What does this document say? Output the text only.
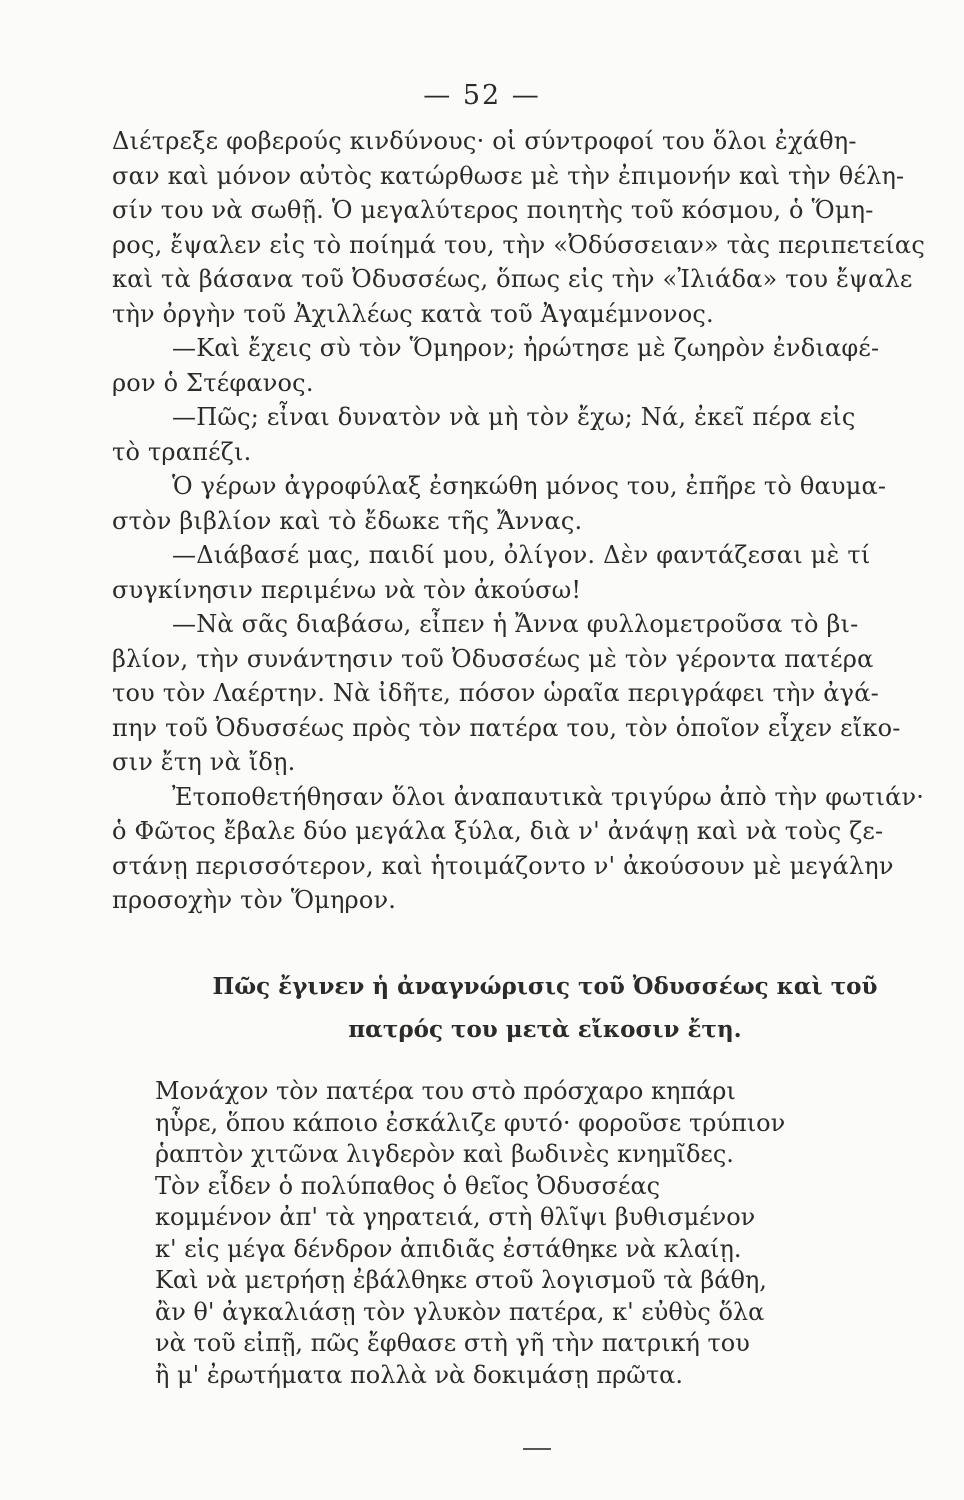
— 52 —
Διέτρεξε φοβερούς κινδύνους· οἱ σύντροφοί του ὅλοι ἐχάθη-
σαν καὶ μόνον αὐτὸς κατώρθωσε μὲ τὴν ἐπιμονήν καὶ τὴν θέλη-
σίν του νὰ σωθῇ. Ὁ μεγαλύτερος ποιητὴς τοῦ κόσμου, ὁ Ὅμη-
ρος, ἔψαλεν εἰς τὸ ποίημά του, τὴν «Ὀδύσσειαν» τὰς περιπετείας
καὶ τὰ βάσανα τοῦ Ὀδυσσέως, ὅπως εἰς τὴν «Ἰλιάδα» του ἔψαλε
τὴν ὀργὴν τοῦ Ἀχιλλέως κατὰ τοῦ Ἀγαμέμνονος.
—Καὶ ἔχεις σὺ τὸν Ὅμηρον; ἠρώτησε μὲ ζωηρὸν ἐνδιαφέ-
ρον ὁ Στέφανος.
—Πῶς; εἶναι δυνατὸν νὰ μὴ τὸν ἔχω; Νά, ἐκεῖ πέρα εἰς
τὸ τραπέζι.
Ὁ γέρων ἀγροφύλαξ ἐσηκώθη μόνος του, ἐπῆρε τὸ θαυμα-
στὸν βιβλίον καὶ τὸ ἔδωκε τῆς Ἄννας.
—Διάβασέ μας, παιδί μου, ὀλίγον. Δὲν φαντάζεσαι μὲ τί
συγκίνησιν περιμένω νὰ τὸν ἀκούσω!
—Νὰ σᾶς διαβάσω, εἶπεν ἡ Ἄννα φυλλομετροῦσα τὸ βι-
βλίον, τὴν συνάντησιν τοῦ Ὀδυσσέως μὲ τὸν γέροντα πατέρα
του τὸν Λαέρτην. Νὰ ἰδῆτε, πόσον ὡραῖα περιγράφει τὴν ἀγά-
πην τοῦ Ὀδυσσέως πρὸς τὸν πατέρα του, τὸν ὁποῖον εἶχεν εἴκο-
σιν ἔτη νὰ ἴδῃ.
Ἐτοποθετήθησαν ὅλοι ἀναπαυτικὰ τριγύρω ἀπὸ τὴν φωτιάν·
ὁ Φῶτος ἔβαλε δύο μεγάλα ξύλα, διὰ ν' ἀνάψῃ καὶ νὰ τοὺς ζε-
στάνῃ περισσότερον, καὶ ἡτοιμάζοντο ν' ἀκούσουν μὲ μεγάλην
προσοχὴν τὸν Ὅμηρον.
Πῶς ἔγινεν ἡ ἀναγνώρισις τοῦ Ὀδυσσέως καὶ τοῦ
πατρός του μετὰ εἴκοσιν ἔτη.
Μονάχον τὸν πατέρα του στὸ πρόσχαρο κηπάρι
ηὗρε, ὅπου κάποιο ἐσκάλιζε φυτό· φοροῦσε τρύπιον
ῥαπτὸν χιτῶνα λιγδερὸν καὶ βωδινὲς κνημῖδες.
Τὸν εἶδεν ὁ πολύπαθος ὁ θεῖος Ὀδυσσέας
κομμένον ἀπ' τὰ γηρατειά, στὴ θλῖψι βυθισμένον
κ' εἰς μέγα δένδρον ἀπιδιᾶς ἐστάθηκε νὰ κλαίῃ.
Καὶ νὰ μετρήσῃ ἐβάλθηκε στοῦ λογισμοῦ τὰ βάθη,
ἂν θ' ἀγκαλιάσῃ τὸν γλυκὸν πατέρα, κ' εὐθὺς ὅλα
νὰ τοῦ εἰπῇ, πῶς ἔφθασε στὴ γῆ τὴν πατρική του
ἢ μ' ἐρωτήματα πολλὰ νὰ δοκιμάσῃ πρῶτα.
